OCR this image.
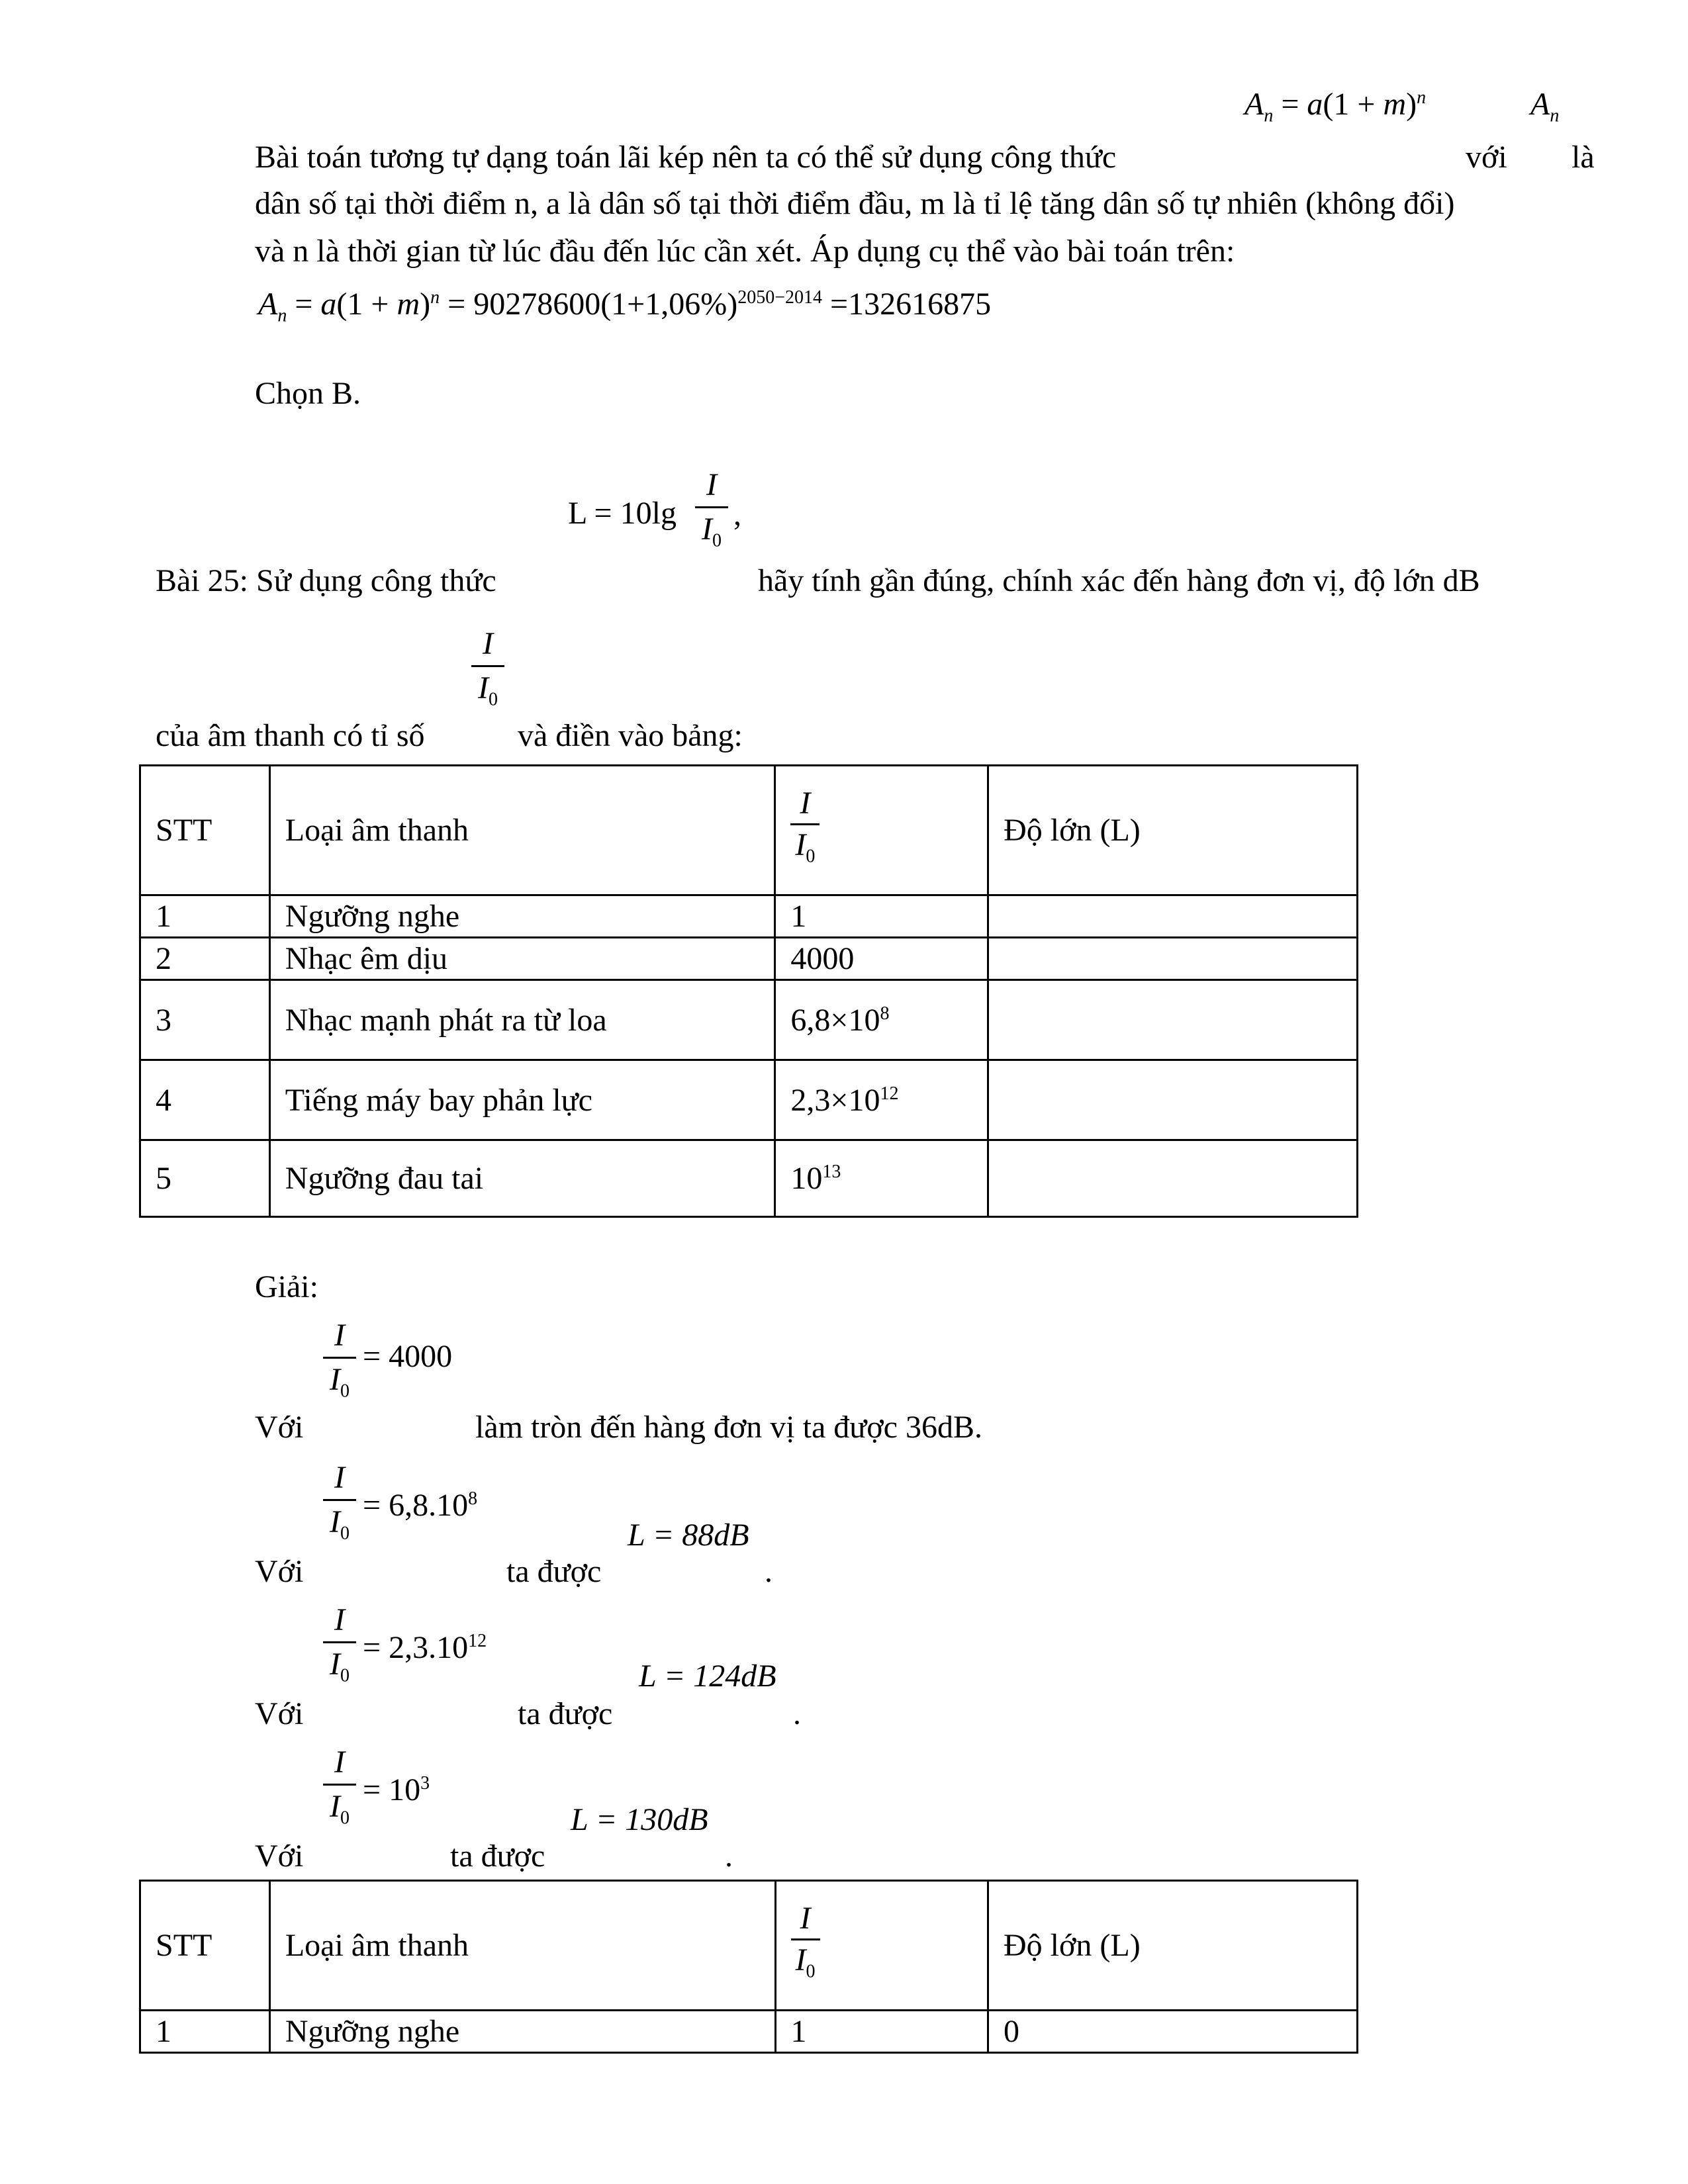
$A_n = a(1 + m)^n$	$A_n$
Bài toán tương tự dạng toán lãi kép nên ta có thể sử dụng công thức	với là
dân số tại thời điểm n, a là dân số tại thời điểm đầu, m là tỉ lệ tăng dân số tự nhiên (không đổi)
và n là thời gian từ lúc đầu đến lúc cần xét. Áp dụng cụ thể vào bài toán trên:
$A_n = a(1 + m)^n = 90278600(1+1,06\%)^{2050-2014} =132616875$
Chọn B.
L = 10lg
I
$I_0$
,
Bài 25: Sử dụng công thức	hãy tính gần đúng, chính xác đến hàng đơn vị, độ lớn dB
I
$I_0$
của âm thanh có tỉ số	và điền vào bảng:
STT	Loại âm thanh	$\frac{I}{I_0}$	Độ lớn (L)
1	Ngưỡng nghe	1	
2	Nhạc êm dịu	4000	
3	Nhạc mạnh phát ra từ loa	$6,8\times 10^8$	
4	Tiếng máy bay phản lực	$2,3\times 10^{12}$	
5	Ngưỡng đau tai	$10^{13}$	
Giải:
I
$I_0$
= 4000
Với	làm tròn đến hàng đơn vị ta được 36dB.
I
$I_0$
= $6,8.10^8$
L = 88dB
Với	ta được	.
I
$I_0$
= $2,3.10^{12}$
L = 124dB
Với	ta được	.
I
$I_0$
= $10^3$
L = 130dB
Với	ta được	.
STT	Loại âm thanh	$\frac{I}{I_0}$	Độ lớn (L)
1	Ngưỡng nghe	1	0
